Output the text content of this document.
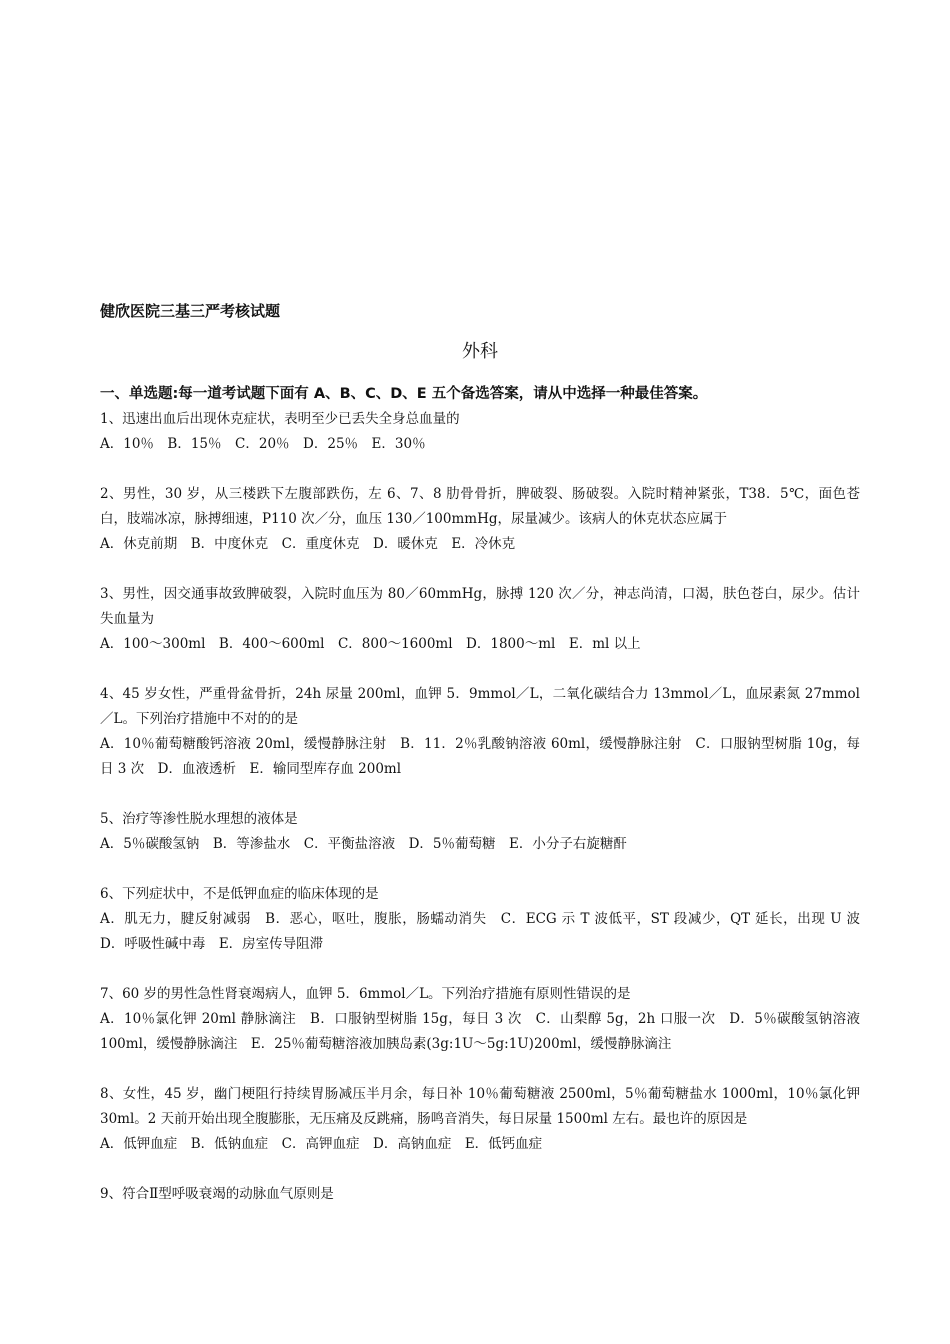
健欣医院三基三严考核试题

外科

一、单选题:每一道考试题下面有 A、B、C、D、E 五个备选答案，请从中选择一种最佳答案。

1、迅速出血后出现休克症状，表明至少已丢失全身总血量的

A．10％　B．15％　C．20％　D．25％　E．30％

2、男性，30 岁，从三楼跌下左腹部跌伤，左 6、7、8 肋骨骨折，脾破裂、肠破裂。入院时精神紧张，T38．5℃，面色苍白，肢端冰凉，脉搏细速，P110 次／分，血压 130／100mmHg，尿量减少。该病人的休克状态应属于

A．休克前期　B．中度休克　C．重度休克　D．暖休克　E．冷休克

3、男性，因交通事故致脾破裂，入院时血压为 80／60mmHg，脉搏 120 次／分，神志尚清，口渴，肤色苍白，尿少。估计失血量为

A．100～300ml　B．400～600ml　C．800～1600ml　D．1800～ml　E．ml 以上

4、45 岁女性，严重骨盆骨折，24h 尿量 200ml，血钾 5．9mmol／L，二氧化碳结合力 13mmol／L，血尿素氮 27mmol／L。下列治疗措施中不对的的是

A．10％葡萄糖酸钙溶液 20ml，缓慢静脉注射　B．11．2％乳酸钠溶液 60ml，缓慢静脉注射　C．口服钠型树脂 10g，每日 3 次　D．血液透析　E．输同型库存血 200ml

5、治疗等渗性脱水理想的液体是

A．5％碳酸氢钠　B．等渗盐水　C．平衡盐溶液　D．5％葡萄糖　E．小分子右旋糖酐

6、下列症状中，不是低钾血症的临床体现的是

A．肌无力，腱反射减弱　B．恶心，呕吐，腹胀，肠蠕动消失　C．ECG 示 T 波低平，ST 段减少，QT 延长，出现 U 波　D．呼吸性碱中毒　E．房室传导阻滞

7、60 岁的男性急性肾衰竭病人，血钾 5．6mmol／L。下列治疗措施有原则性错误的是

A．10％氯化钾 20ml 静脉滴注　B．口服钠型树脂 15g，每日 3 次　C．山梨醇 5g，2h 口服一次　D．5％碳酸氢钠溶液 100ml，缓慢静脉滴注　E．25％葡萄糖溶液加胰岛素(3g:1U～5g:1U)200ml，缓慢静脉滴注

8、女性，45 岁，幽门梗阻行持续胃肠减压半月余，每日补 10％葡萄糖液 2500ml，5％葡萄糖盐水 1000ml，10％氯化钾 30ml。2 天前开始出现全腹膨胀，无压痛及反跳痛，肠鸣音消失，每日尿量 1500ml 左右。最也许的原因是

A．低钾血症　B．低钠血症　C．高钾血症　D．高钠血症　E．低钙血症

9、符合Ⅱ型呼吸衰竭的动脉血气原则是
